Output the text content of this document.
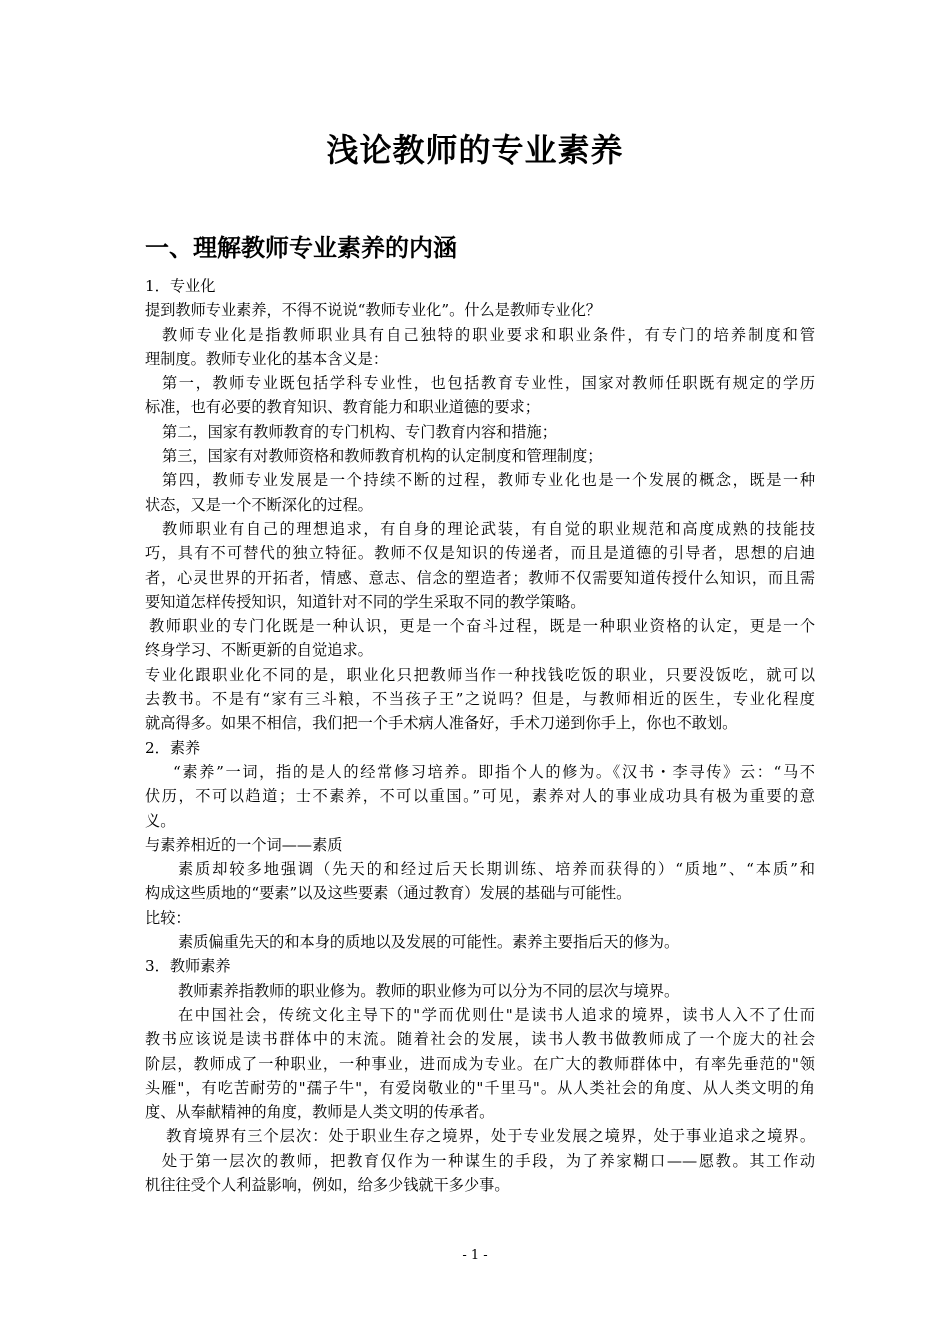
浅论教师的专业素养
一、理解教师专业素养的内涵
1．专业化
提到教师专业素养，不得不说说“教师专业化”。什么是教师专业化？
教师专业化是指教师职业具有自己独特的职业要求和职业条件，有专门的培养制度和管
理制度。教师专业化的基本含义是：
第一，教师专业既包括学科专业性，也包括教育专业性，国家对教师任职既有规定的学历
标准，也有必要的教育知识、教育能力和职业道德的要求；
第二，国家有教师教育的专门机构、专门教育内容和措施；
第三，国家有对教师资格和教师教育机构的认定制度和管理制度；
第四，教师专业发展是一个持续不断的过程，教师专业化也是一个发展的概念，既是一种
状态，又是一个不断深化的过程。
教师职业有自己的理想追求，有自身的理论武装，有自觉的职业规范和高度成熟的技能技
巧，具有不可替代的独立特征。教师不仅是知识的传递者，而且是道德的引导者，思想的启迪
者，心灵世界的开拓者，情感、意志、信念的塑造者；教师不仅需要知道传授什么知识，而且需
要知道怎样传授知识，知道针对不同的学生采取不同的教学策略。
教师职业的专门化既是一种认识，更是一个奋斗过程，既是一种职业资格的认定，更是一个
终身学习、不断更新的自觉追求。
专业化跟职业化不同的是，职业化只把教师当作一种找钱吃饭的职业，只要没饭吃，就可以
去教书。不是有“家有三斗粮，不当孩子王”之说吗？但是，与教师相近的医生，专业化程度
就高得多。如果不相信，我们把一个手术病人准备好，手术刀递到你手上，你也不敢划。
2．素养
“素养”一词，指的是人的经常修习培养。即指个人的修为。《汉书・李寻传》云：“马不
伏历，不可以趋道；士不素养，不可以重国。”可见，素养对人的事业成功具有极为重要的意
义。
与素养相近的一个词——素质
素质却较多地强调（先天的和经过后天长期训练、培养而获得的）“质地”、“本质”和
构成这些质地的“要素”以及这些要素（通过教育）发展的基础与可能性。
比较：
素质偏重先天的和本身的质地以及发展的可能性。素养主要指后天的修为。
3．教师素养
教师素养指教师的职业修为。教师的职业修为可以分为不同的层次与境界。
在中国社会，传统文化主导下的"学而优则仕"是读书人追求的境界，读书人入不了仕而
教书应该说是读书群体中的末流。随着社会的发展，读书人教书做教师成了一个庞大的社会
阶层，教师成了一种职业，一种事业，进而成为专业。在广大的教师群体中，有率先垂范的"领
头雁"，有吃苦耐劳的"孺子牛"，有爱岗敬业的"千里马"。从人类社会的角度、从人类文明的角
度、从奉献精神的角度，教师是人类文明的传承者。
教育境界有三个层次：处于职业生存之境界，处于专业发展之境界，处于事业追求之境界。
处于第一层次的教师，把教育仅作为一种谋生的手段，为了养家糊口——愿教。其工作动
机往往受个人利益影响，例如，给多少钱就干多少事。
- 1 -
